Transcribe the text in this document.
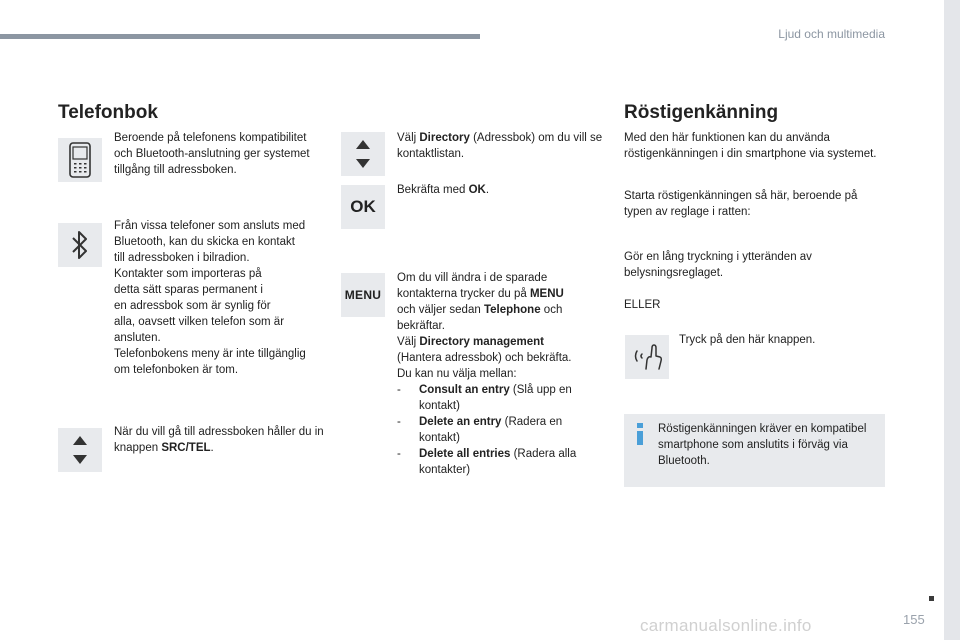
Ljud och multimedia
Telefonbok
Beroende på telefonens kompatibilitet och Bluetooth-anslutning ger systemet tillgång till adressboken.

Från vissa telefoner som ansluts med

Bluetooth, kan du skicka en kontakt

till adressboken i bilradion.

Kontakter som importeras på

detta sätt sparas permanent i

en adressbok som är synlig för

alla, oavsett vilken telefon som är

ansluten.

Telefonbokens meny är inte tillgänglig

om telefonboken är tom.

När du vill gå till adressboken håller du in knappen SRC/TEL.
Välj Directory (Adressbok) om du vill se kontaktlistan.
OK
Bekräfta med OK.
MENU

Om du vill ändra i de sparade

kontakterna trycker du på MENU

och väljer sedan Telephone och

bekräftar.

Välj Directory management

(Hantera adressbok) och bekräfta.

Du kan nu välja mellan:

- Consult an entry (Slå upp en

kontakt)

- Delete an entry (Radera en

kontakt)

- Delete all entries (Radera alla

kontakter)

Röstigenkänning
Med den här funktionen kan du använda röstigenkänningen i din smartphone via systemet.
Starta röstigenkänningen så här, beroende på typen av reglage i ratten:
Gör en lång tryckning i ytteränden av belysningsreglaget.
ELLER
Tryck på den här knappen.
Röstigenkänningen kräver en kompatibel smartphone som anslutits i förväg via Bluetooth.
carmanualsonline.info	155
